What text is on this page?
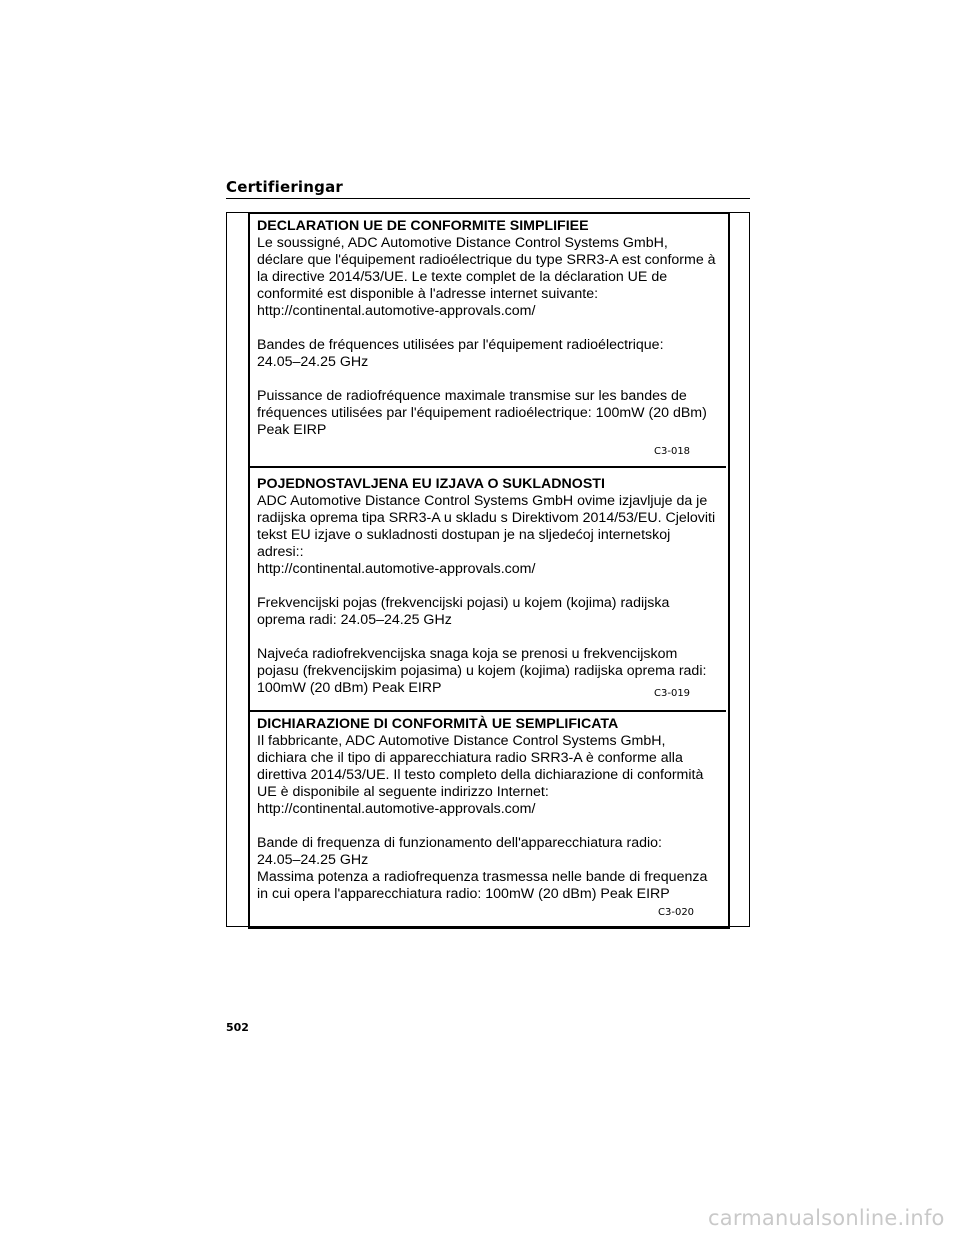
Certifieringar

DECLARATION UE DE CONFORMITE SIMPLIFIEE

Le soussigné, ADC Automotive Distance Control Systems GmbH,

déclare que l'équipement radioélectrique du type SRR3-A est conforme à

la directive 2014/53/UE. Le texte complet de la déclaration UE de

conformité est disponible à l'adresse internet suivante:

http://continental.automotive-approvals.com/

Bandes de fréquences utilisées par l'équipement radioélectrique:

24.05–24.25 GHz

Puissance de radiofréquence maximale transmise sur les bandes de

fréquences utilisées par l'équipement radioélectrique: 100mW (20 dBm)

Peak EIRP

C3-018

POJEDNOSTAVLJENA EU IZJAVA O SUKLADNOSTI

ADC Automotive Distance Control Systems GmbH ovime izjavljuje da je

radijska oprema tipa SRR3-A u skladu s Direktivom 2014/53/EU. Cjeloviti

tekst EU izjave o sukladnosti dostupan je na sljedećoj internetskoj

adresi::

http://continental.automotive-approvals.com/

Frekvencijski pojas (frekvencijski pojasi) u kojem (kojima) radijska

oprema radi: 24.05–24.25 GHz

Najveća radiofrekvencijska snaga koja se prenosi u frekvencijskom

pojasu (frekvencijskim pojasima) u kojem (kojima) radijska oprema radi:

100mW (20 dBm) Peak EIRP	C3-019

DICHIARAZIONE DI CONFORMITÀ UE SEMPLIFICATA

Il fabbricante, ADC Automotive Distance Control Systems GmbH,

dichiara che il tipo di apparecchiatura radio SRR3-A è conforme alla

direttiva 2014/53/UE. Il testo completo della dichiarazione di conformità

UE è disponibile al seguente indirizzo Internet:

http://continental.automotive-approvals.com/

Bande di frequenza di funzionamento dell'apparecchiatura radio:

24.05–24.25 GHz

Massima potenza a radiofrequenza trasmessa nelle bande di frequenza

in cui opera l'apparecchiatura radio: 100mW (20 dBm) Peak EIRP

C3-020
502
carmanualsonline.info
